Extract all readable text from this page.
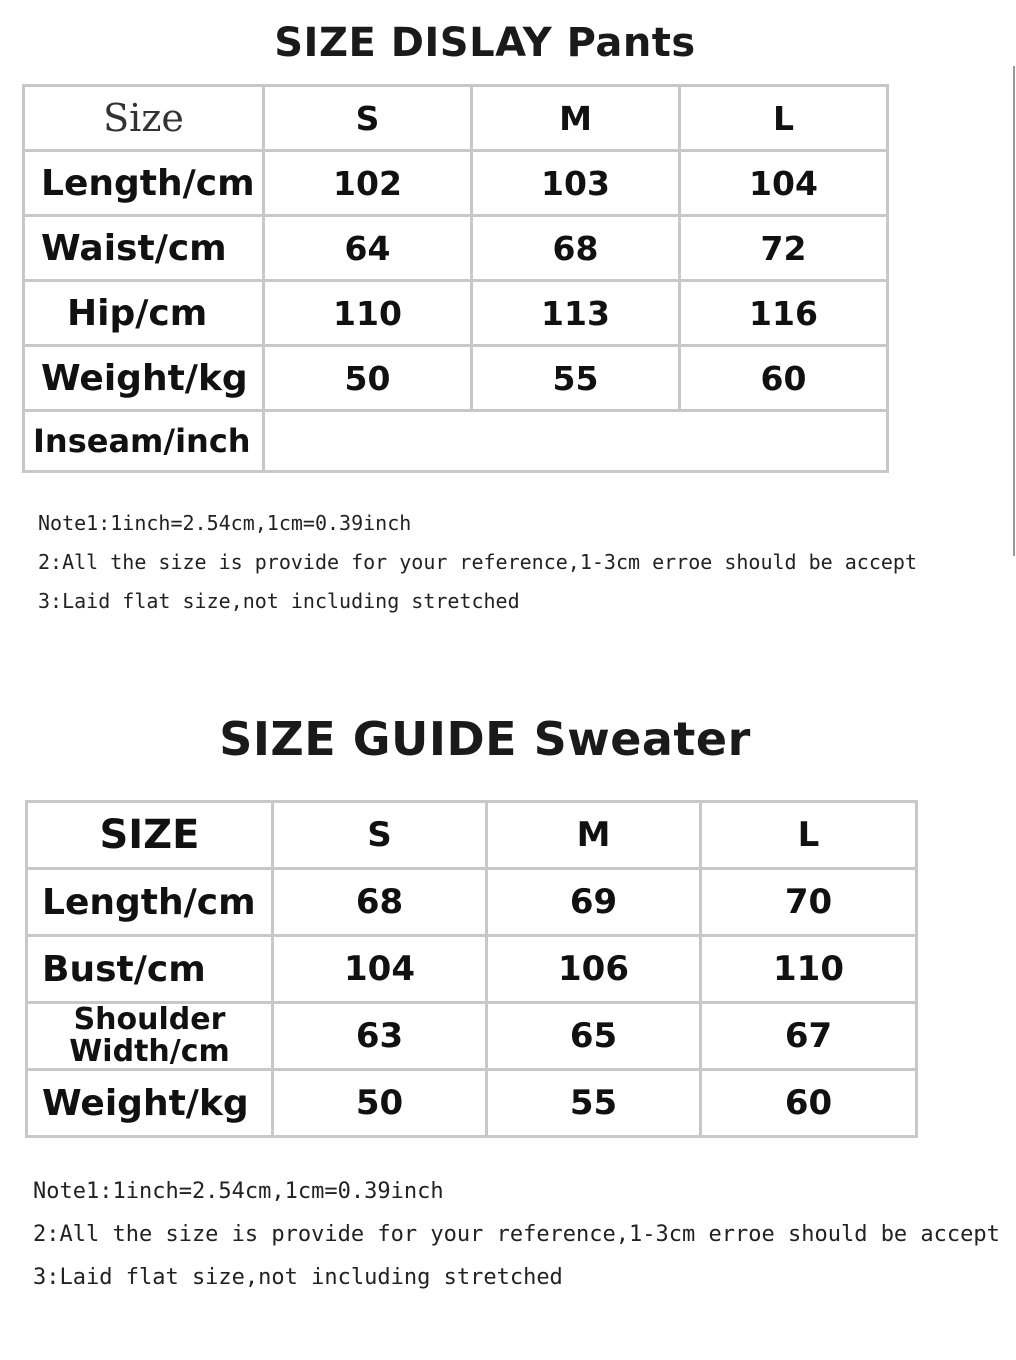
SIZE DISLAY Pants
Size	S	M	L
Length/cm	102	103	104
Waist/cm	64	68	72
Hip/cm	110	113	116
Weight/kg	50	55	60
Inseam/inch			
Note1:1inch=2.54cm,1cm=0.39inch
2:All the size is provide for your reference,1-3cm erroe should be accept
3:Laid flat size,not including stretched
SIZE GUIDE Sweater
SIZE	S	M	L
Length/cm	68	69	70
Bust/cm	104	106	110
Shoulder Width/cm	63	65	67
Weight/kg	50	55	60
Note1:1inch=2.54cm,1cm=0.39inch
2:All the size is provide for your reference,1-3cm erroe should be accept
3:Laid flat size,not including stretched
